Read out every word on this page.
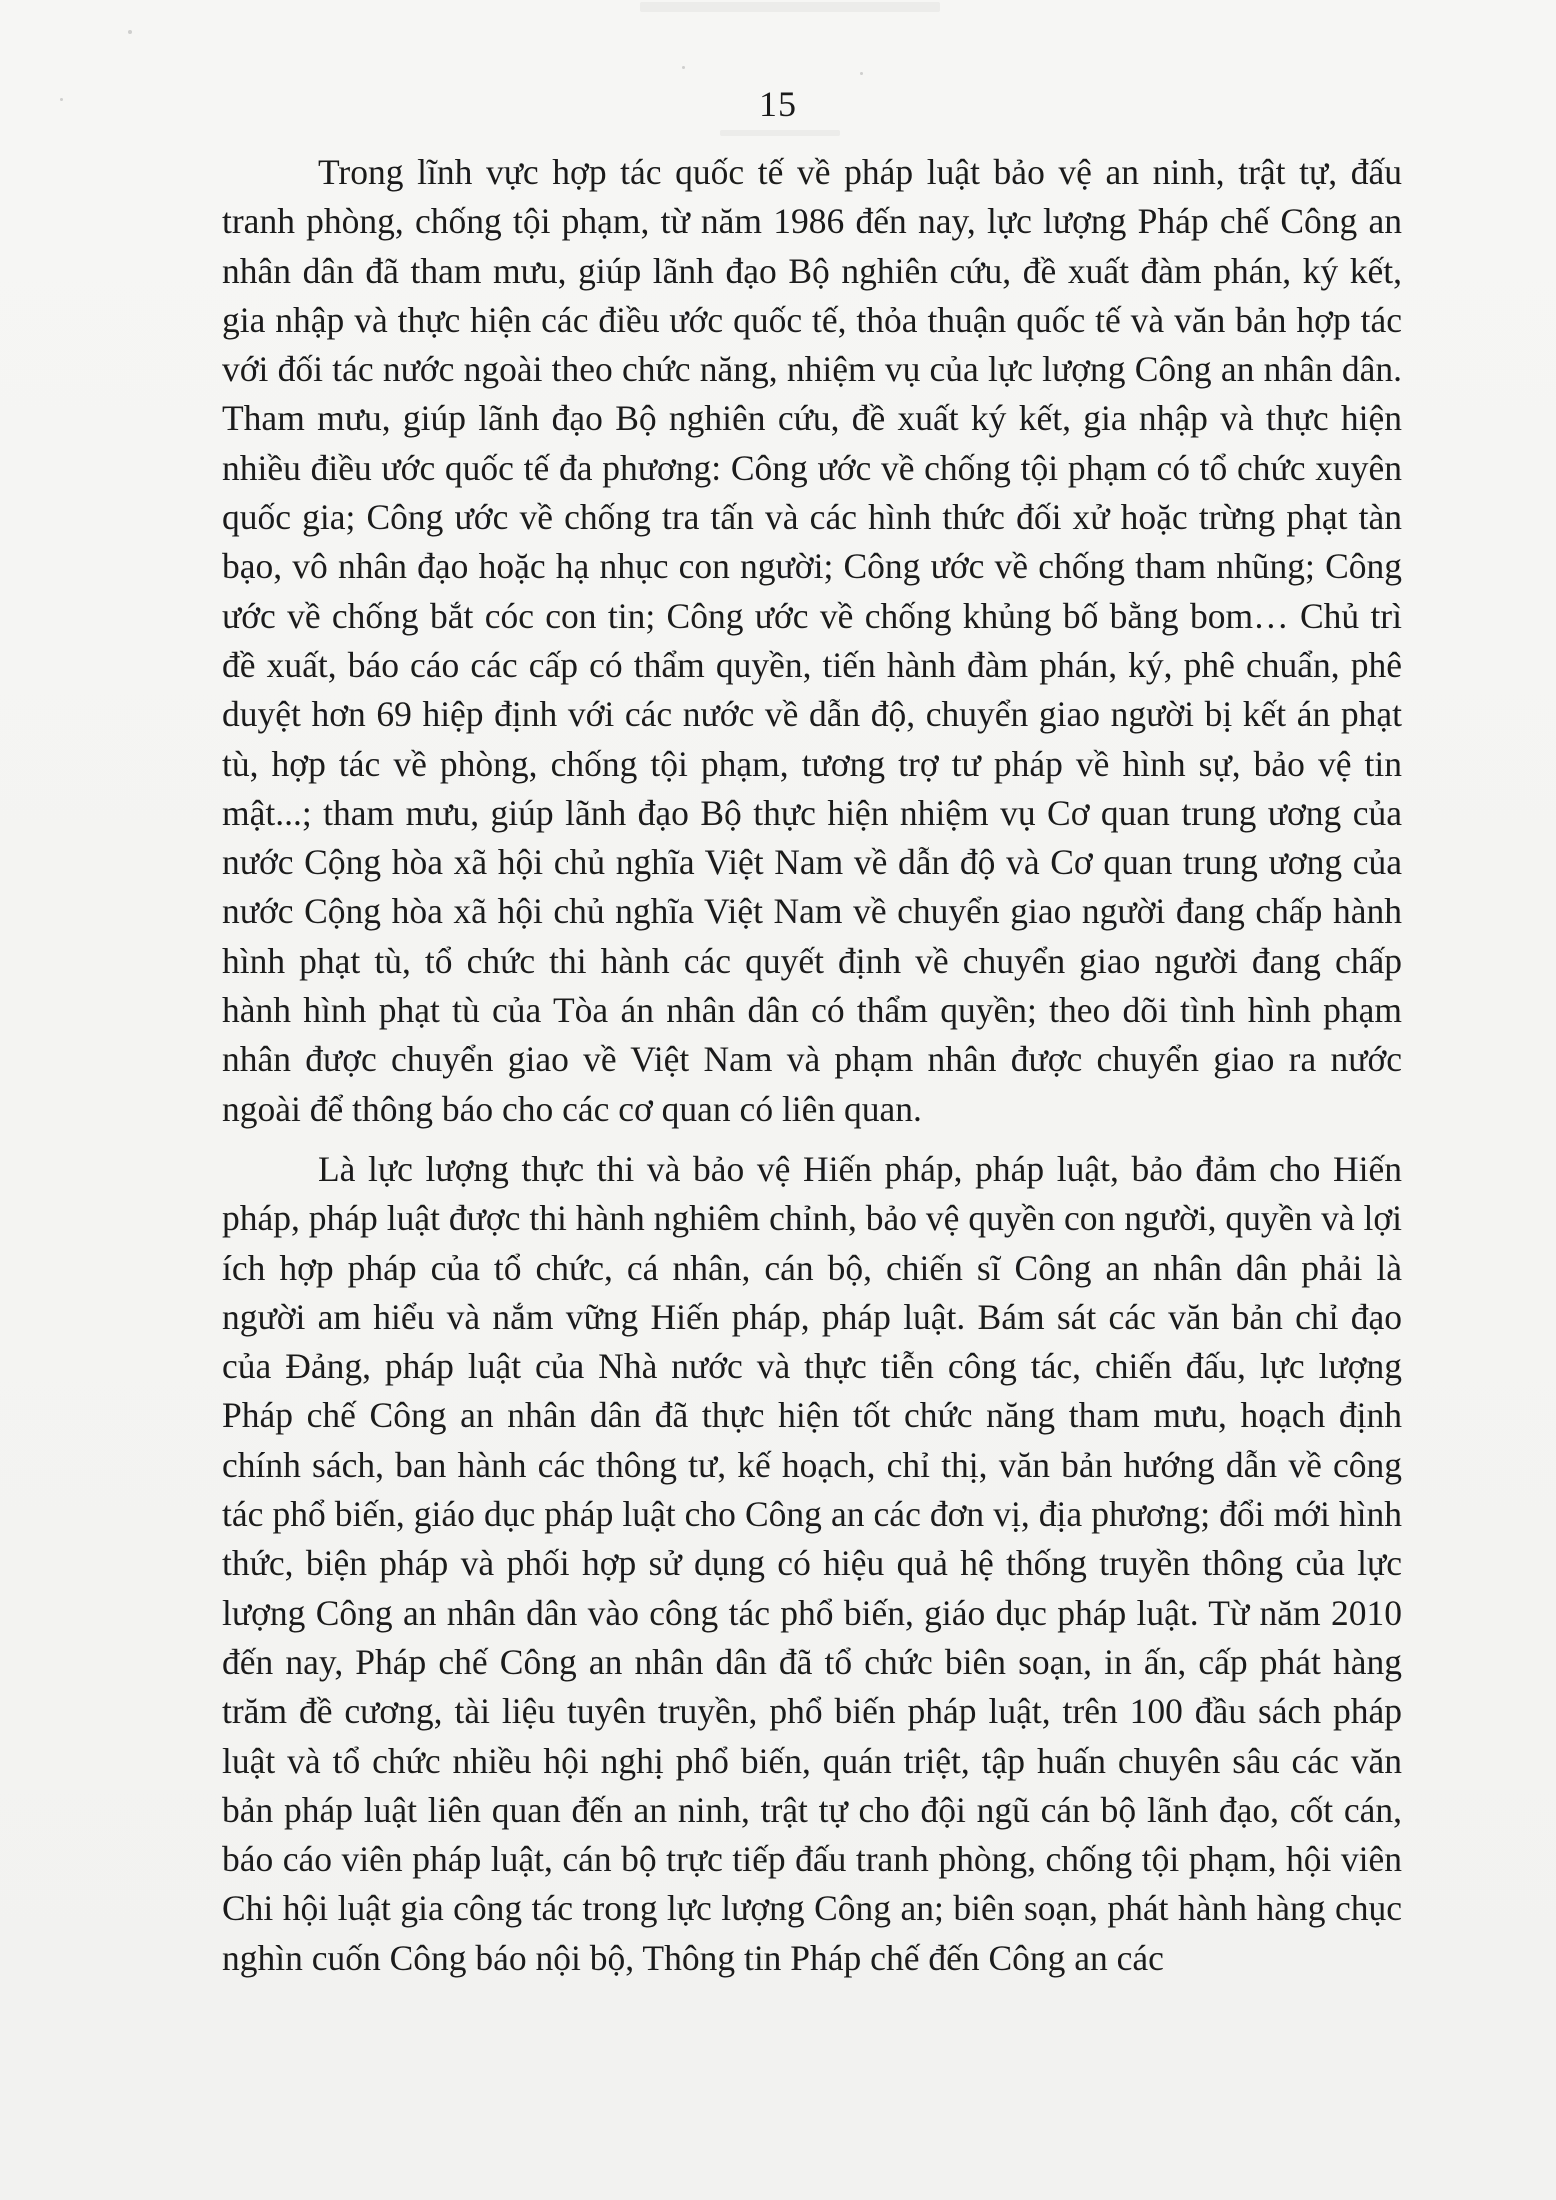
15

Trong lĩnh vực hợp tác quốc tế về pháp luật bảo vệ an ninh, trật tự, đấu tranh phòng, chống tội phạm, từ năm 1986 đến nay, lực lượng Pháp chế Công an nhân dân đã tham mưu, giúp lãnh đạo Bộ nghiên cứu, đề xuất đàm phán, ký kết, gia nhập và thực hiện các điều ước quốc tế, thỏa thuận quốc tế và văn bản hợp tác với đối tác nước ngoài theo chức năng, nhiệm vụ của lực lượng Công an nhân dân. Tham mưu, giúp lãnh đạo Bộ nghiên cứu, đề xuất ký kết, gia nhập và thực hiện nhiều điều ước quốc tế đa phương: Công ước về chống tội phạm có tổ chức xuyên quốc gia; Công ước về chống tra tấn và các hình thức đối xử hoặc trừng phạt tàn bạo, vô nhân đạo hoặc hạ nhục con người; Công ước về chống tham nhũng; Công ước về chống bắt cóc con tin; Công ước về chống khủng bố bằng bom… Chủ trì đề xuất, báo cáo các cấp có thẩm quyền, tiến hành đàm phán, ký, phê chuẩn, phê duyệt hơn 69 hiệp định với các nước về dẫn độ, chuyển giao người bị kết án phạt tù, hợp tác về phòng, chống tội phạm, tương trợ tư pháp về hình sự, bảo vệ tin mật...; tham mưu, giúp lãnh đạo Bộ thực hiện nhiệm vụ Cơ quan trung ương của nước Cộng hòa xã hội chủ nghĩa Việt Nam về dẫn độ và Cơ quan trung ương của nước Cộng hòa xã hội chủ nghĩa Việt Nam về chuyển giao người đang chấp hành hình phạt tù, tổ chức thi hành các quyết định về chuyển giao người đang chấp hành hình phạt tù của Tòa án nhân dân có thẩm quyền; theo dõi tình hình phạm nhân được chuyển giao về Việt Nam và phạm nhân được chuyển giao ra nước ngoài để thông báo cho các cơ quan có liên quan.

Là lực lượng thực thi và bảo vệ Hiến pháp, pháp luật, bảo đảm cho Hiến pháp, pháp luật được thi hành nghiêm chỉnh, bảo vệ quyền con người, quyền và lợi ích hợp pháp của tổ chức, cá nhân, cán bộ, chiến sĩ Công an nhân dân phải là người am hiểu và nắm vững Hiến pháp, pháp luật. Bám sát các văn bản chỉ đạo của Đảng, pháp luật của Nhà nước và thực tiễn công tác, chiến đấu, lực lượng Pháp chế Công an nhân dân đã thực hiện tốt chức năng tham mưu, hoạch định chính sách, ban hành các thông tư, kế hoạch, chỉ thị, văn bản hướng dẫn về công tác phổ biến, giáo dục pháp luật cho Công an các đơn vị, địa phương; đổi mới hình thức, biện pháp và phối hợp sử dụng có hiệu quả hệ thống truyền thông của lực lượng Công an nhân dân vào công tác phổ biến, giáo dục pháp luật. Từ năm 2010 đến nay, Pháp chế Công an nhân dân đã tổ chức biên soạn, in ấn, cấp phát hàng trăm đề cương, tài liệu tuyên truyền, phổ biến pháp luật, trên 100 đầu sách pháp luật và tổ chức nhiều hội nghị phổ biến, quán triệt, tập huấn chuyên sâu các văn bản pháp luật liên quan đến an ninh, trật tự cho đội ngũ cán bộ lãnh đạo, cốt cán, báo cáo viên pháp luật, cán bộ trực tiếp đấu tranh phòng, chống tội phạm, hội viên Chi hội luật gia công tác trong lực lượng Công an; biên soạn, phát hành hàng chục nghìn cuốn Công báo nội bộ, Thông tin Pháp chế đến Công an các
